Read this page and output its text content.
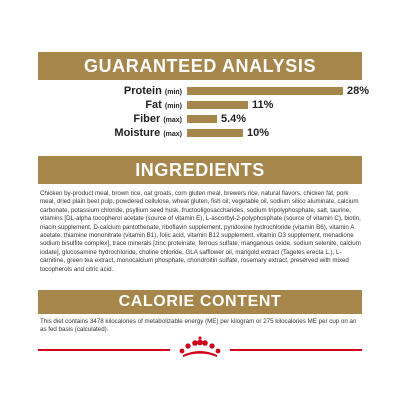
GUARANTEED ANALYSIS
Protein (min)	28%
Fat (min)	11%
Fiber (max)	5.4%
Moisture (max)	10%
INGREDIENTS
Chicken by-product meal, brown rice, oat groats, corn gluten meal, brewers rice, natural flavors, chicken fat, pork meal, dried plain beet pulp, powdered cellulose, wheat gluten, fish oil, vegetable oil, sodium silico aluminate, calcium carbonate, potassium chloride, psyllium seed husk, fructooligosaccharides, sodium tripolyphosphate, salt, taurine, vitamins [DL-alpha tocopherol acetate (source of vitamin E), L-ascorbyl-2-polyphosphate (source of vitamin C), biotin, niacin supplement, D-calcium pantothenate, riboflavin supplement, pyridoxine hydrochloride (vitamin B6), vitamin A acetate, thiamine mononitrate (vitamin B1), folic acid, vitamin B12 supplement, vitamin D3 supplement, menadione sodium bisulfite complex], trace minerals [zinc proteinate, ferrous sulfate, manganous oxide, sodium selenite, calcium iodate], glucosamine hydrochloride, choline chloride, GLA safflower oil, marigold extract (Tagetes erecta L.), L-carnitine, green tea extract, monocalcium phosphate, chondroitin sulfate, rosemary extract, preserved with mixed tocopherols and citric acid.
CALORIE CONTENT
This diet contains 3478 kilocalories of metabolizable energy (ME) per kilogram or 275 kilocalories ME per cup on an as fed basis (calculated).
